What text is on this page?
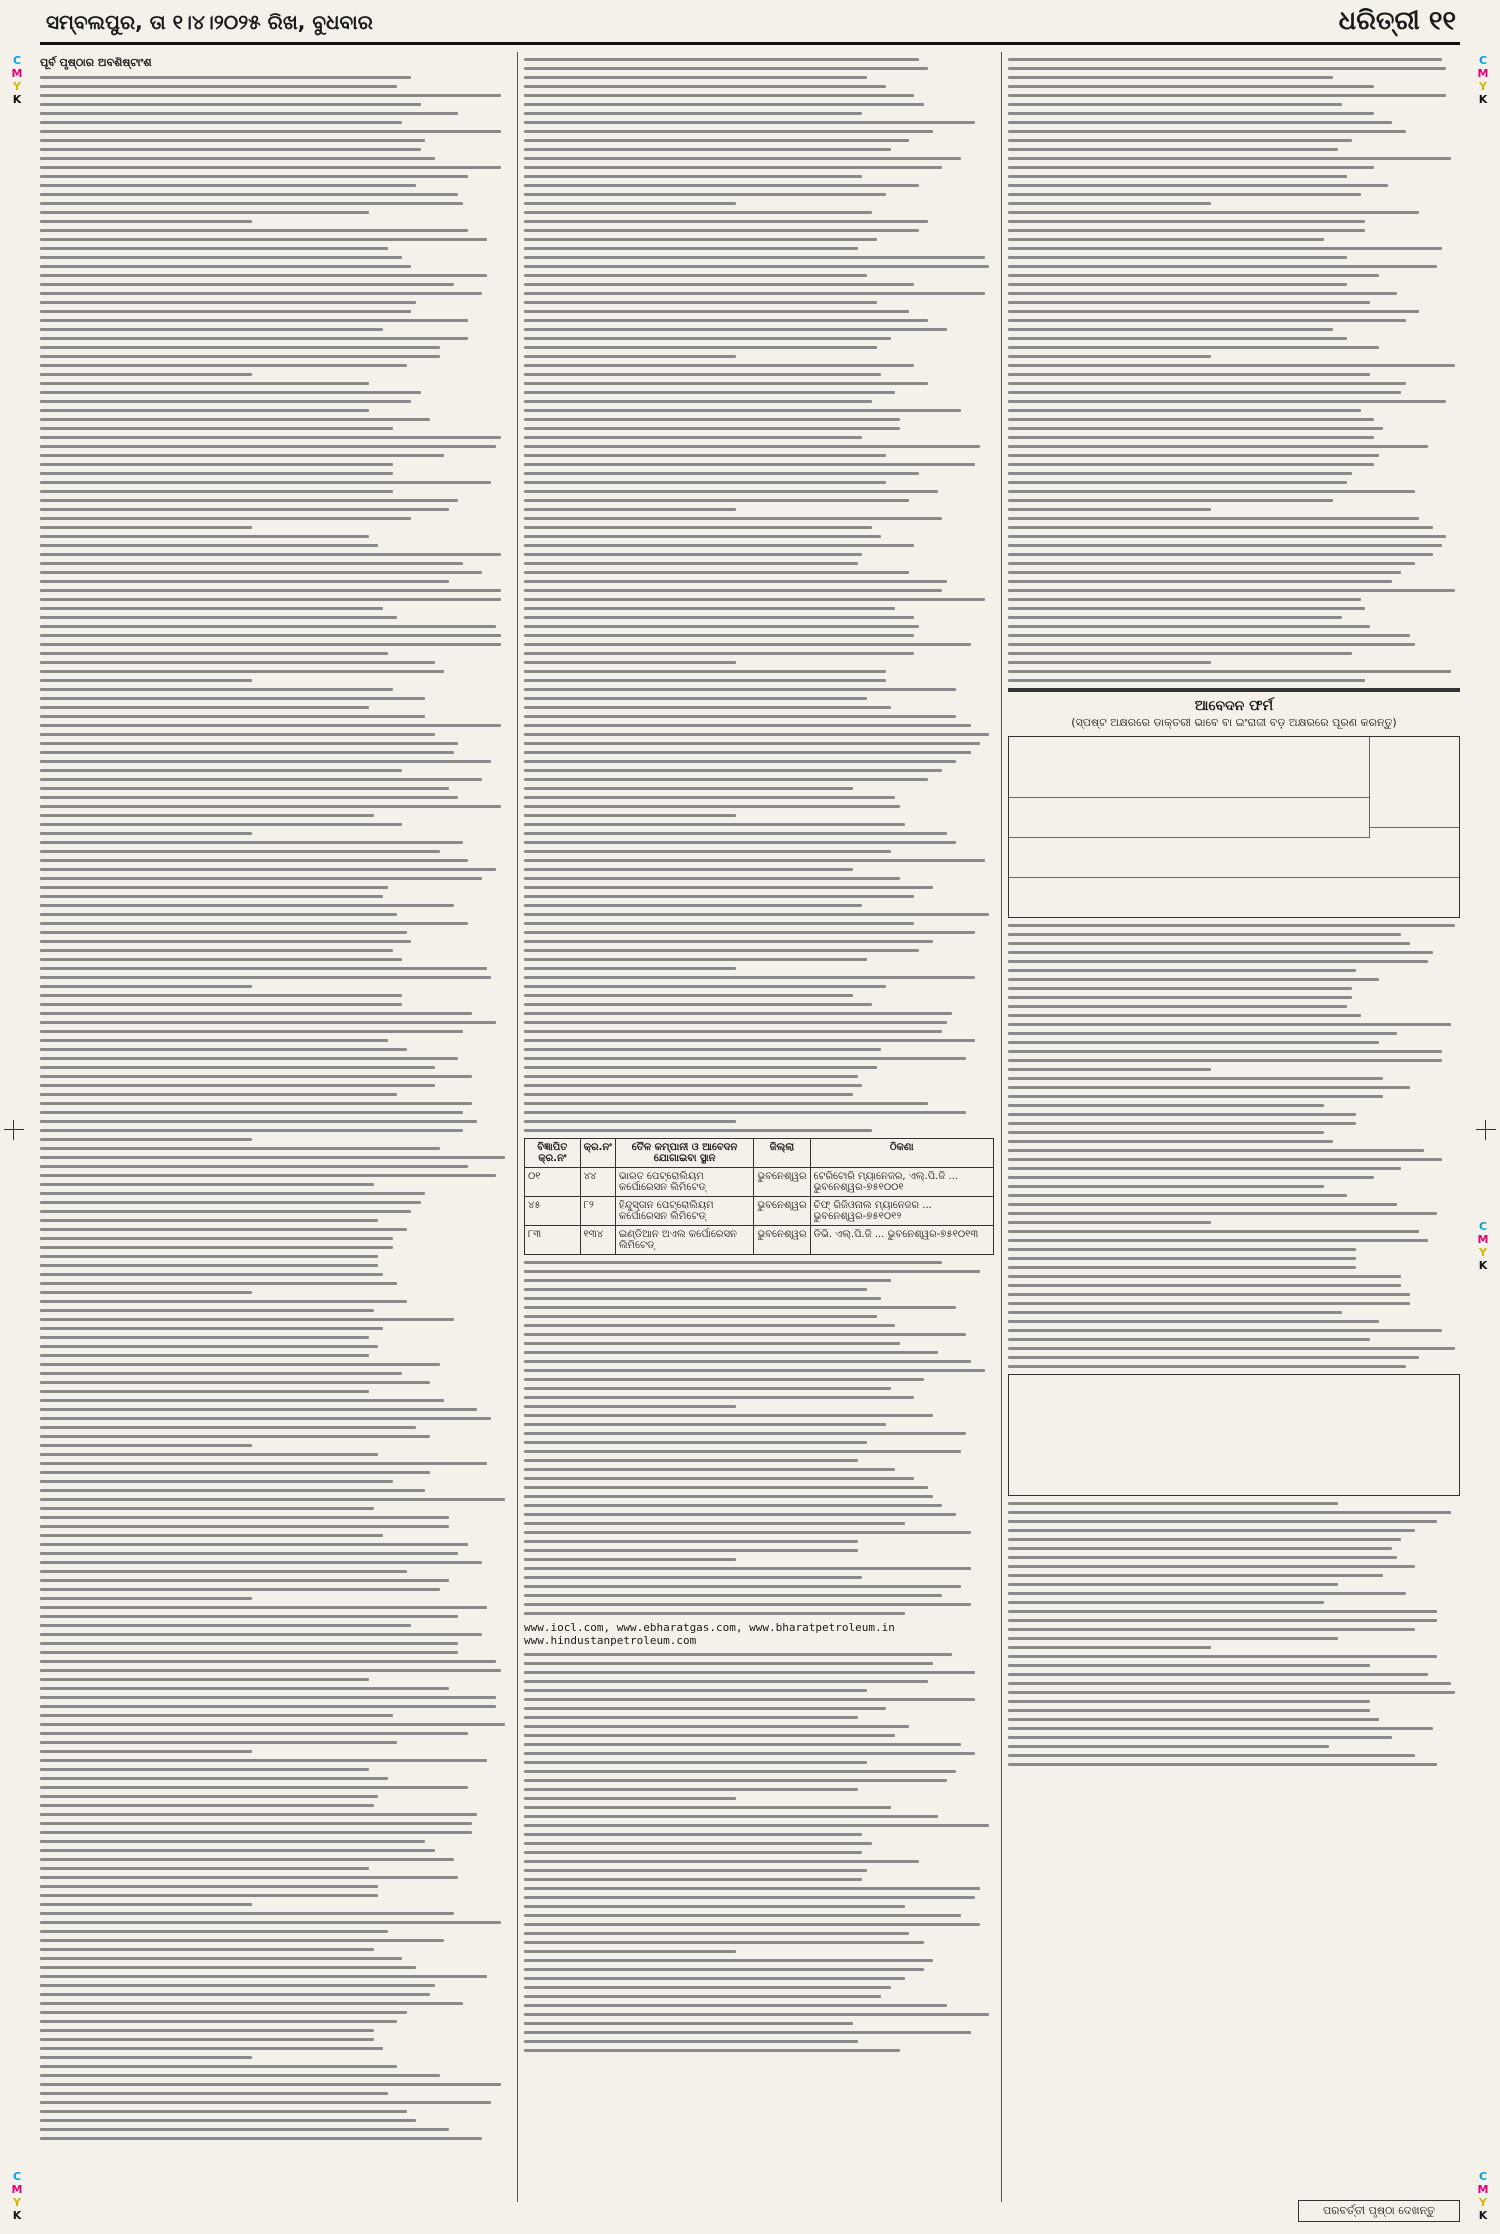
C
M
Y
K
C
M
Y
K
C
M
Y
K
C
M
Y
K
C
M
Y
K
ସମ୍ବଲପୁର, ତା ୧।୪।୨୦୨୫ ରିଖ, ବୁଧବାର	ଧରିତ୍ରୀ ୧୧
ପୂର୍ବ ପୃଷ୍ଠାର ଅବଶିଷ୍ଟାଂଶ
ବିଜ୍ଞାପିତ କ୍ର.ନଂ	କ୍ର.ନଂ	ତୈଳ କମ୍ପାନୀ ଓ ଆବେଦନ ଯୋଗାଇବା ସ୍ଥାନ	ଜିଲ୍ଲା	ଠିକଣା
୦୧	୪୪	ଭାରତ ପେଟ୍ରୋଲିୟମ କର୍ପୋରେସନ ଲିମିଟେଡ୍	ଭୁବନେଶ୍ୱର	ଟେରିଟୋରି ମ୍ୟାନେଜର, ଏଲ୍.ପି.ଜି ... ଭୁବନେଶ୍ୱର-୭୫୧୦୦୧
୪୫	୮୨	ହିନ୍ଦୁସ୍ତାନ ପେଟ୍ରୋଲିୟମ କର୍ପୋରେସନ ଲିମିଟେଡ୍	ଭୁବନେଶ୍ୱର	ଚିଫ୍ ରିଜିଓନାଲ ମ୍ୟାନେଜର ... ଭୁବନେଶ୍ୱର-୭୫୧୦୧୨
୮୩	୧୩୪	ଇଣ୍ଡିଆନ ଅଏଲ କର୍ପୋରେସନ ଲିମିଟେଡ୍	ଭୁବନେଶ୍ୱର	ଡିଭି. ଏଲ୍.ପି.ଜି ... ଭୁବନେଶ୍ୱର-୭୫୧୦୧୩
www.iocl.com, www.ebharatgas.com, www.bharatpetroleum.in www.hindustanpetroleum.com
ଆବେଦନ ଫର୍ମ
(ସ୍ପଷ୍ଟ ଅକ୍ଷରରେ ଡାକ୍ତରୀ ଭାବେ ବା ଇଂରାଜୀ ବଡ଼ ଅକ୍ଷରରେ ପୂରଣ କରନ୍ତୁ)
ପରବର୍ତ୍ତୀ ପୃଷ୍ଠା ଦେଖନ୍ତୁ
